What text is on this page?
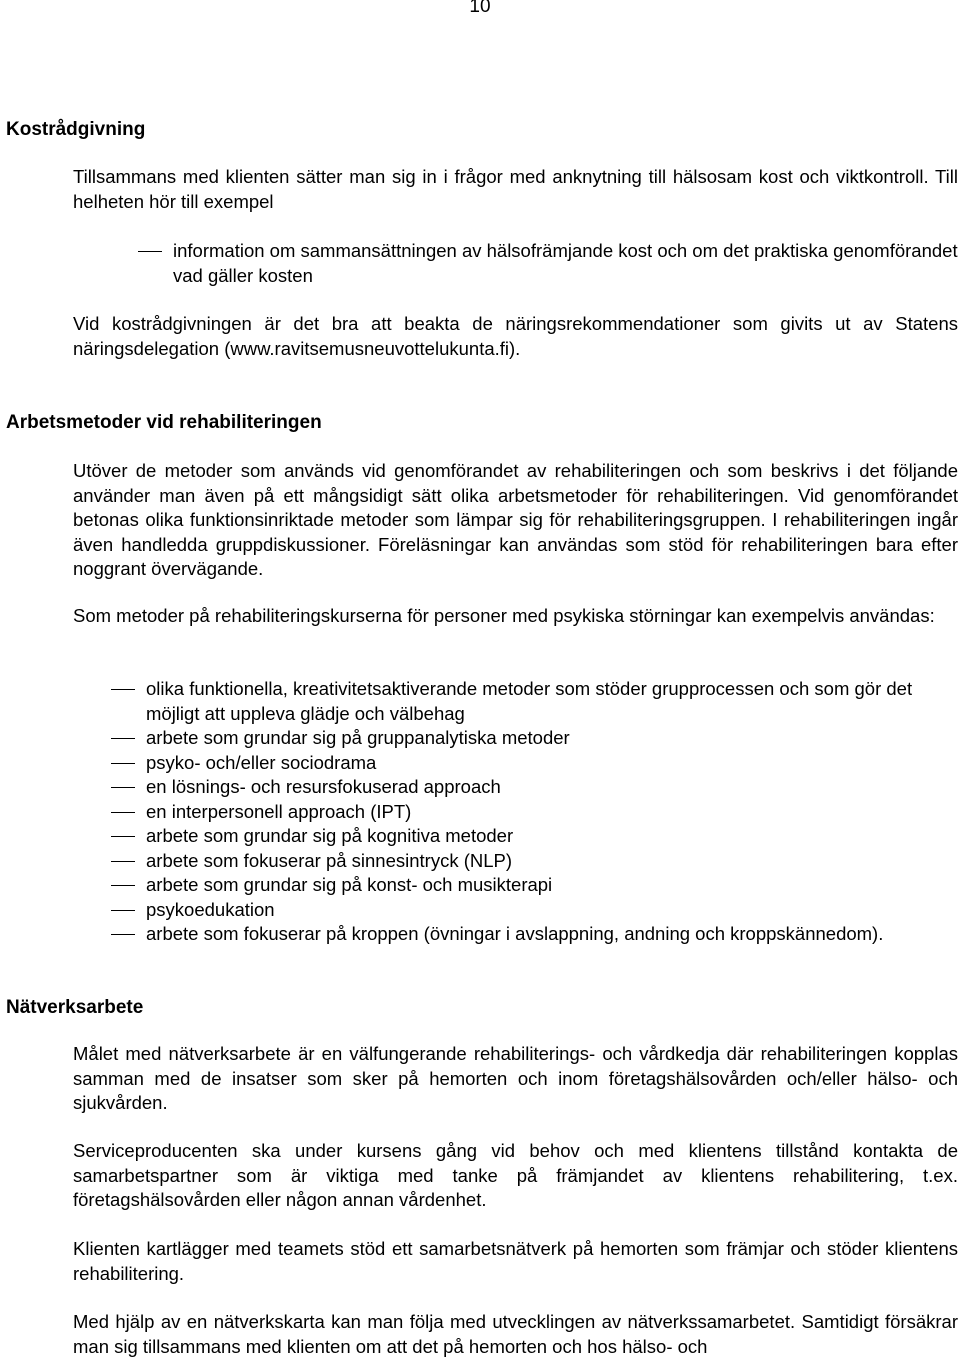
10
Kostrådgivning

Tillsammans med klienten sätter man sig in i frågor med anknytning till hälsosam kost och viktkontroll. Till helheten hör till exempel

information om sammansättningen av hälsofrämjande kost och om det praktiska genomförandet vad gäller kosten

Vid kostrådgivningen är det bra att beakta de näringsrekommendationer som givits ut av Statens näringsdelegation (www.ravitsemusneuvottelukunta.fi).

Arbetsmetoder vid rehabiliteringen

Utöver de metoder som används vid genomförandet av rehabiliteringen och som beskrivs i det följande använder man även på ett mångsidigt sätt olika arbetsmetoder för rehabiliteringen. Vid genomförandet betonas olika funktionsinriktade metoder som lämpar sig för rehabiliteringsgruppen. I rehabiliteringen ingår även handledda gruppdiskussioner. Föreläsningar kan användas som stöd för rehabiliteringen bara efter noggrant övervägande.

Som metoder på rehabiliteringskurserna för personer med psykiska störningar kan exempelvis användas:

olika funktionella, kreativitetsaktiverande metoder som stöder grupprocessen och som gör det möjligt att uppleva glädje och välbehag
arbete som grundar sig på gruppanalytiska metoder
psyko- och/eller sociodrama
en lösnings- och resursfokuserad approach
en interpersonell approach (IPT)
arbete som grundar sig på kognitiva metoder
arbete som fokuserar på sinnesintryck (NLP)
arbete som grundar sig på konst- och musikterapi
psykoedukation
arbete som fokuserar på kroppen (övningar i avslappning, andning och kroppskännedom).
Nätverksarbete

Målet med nätverksarbete är en välfungerande rehabiliterings- och vårdkedja där rehabiliteringen kopplas samman med de insatser som sker på hemorten och inom företagshälsovården och/eller hälso- och sjukvården.

Serviceproducenten ska under kursens gång vid behov och med klientens tillstånd kontakta de samarbetspartner som är viktiga med tanke på främjandet av klientens rehabilitering, t.ex. företagshälsovården eller någon annan vårdenhet.

Klienten kartlägger med teamets stöd ett samarbetsnätverk på hemorten som främjar och stöder klientens rehabilitering.

Med hjälp av en nätverkskarta kan man följa med utvecklingen av nätverkssamarbetet. Samtidigt försäkrar man sig tillsammans med klienten om att det på hemorten och hos hälso- och
